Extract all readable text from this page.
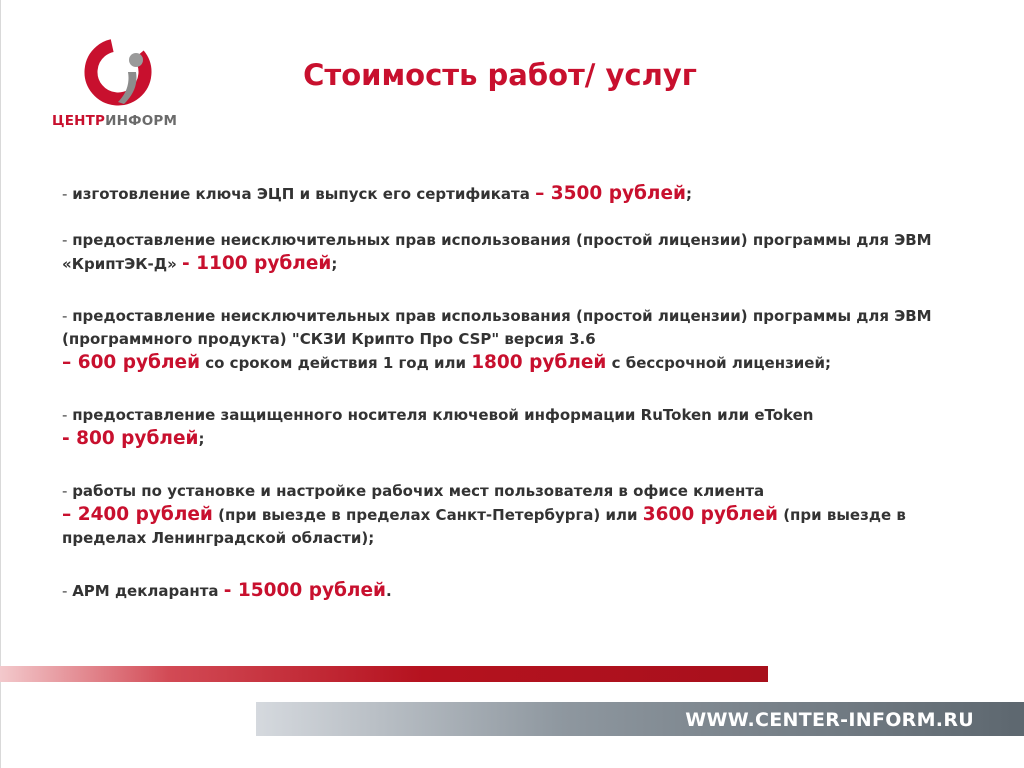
ЦЕНТРИНФОРМ
Стоимость работ/ услуг
- изготовление ключа ЭЦП и выпуск его сертификата – 3500 рублей;
- предоставление неисключительных прав использования (простой лицензии) программы для ЭВМ «КриптЭК-Д» - 1100 рублей;
- предоставление неисключительных прав использования (простой лицензии) программы для ЭВМ (программного продукта) "СКЗИ Крипто Про CSP" версия 3.6
– 600 рублей со сроком действия 1 год или 1800 рублей с бессрочной лицензией;
- предоставление защищенного носителя ключевой информации RuToken или eToken
- 800 рублей;
- работы по установке и настройке рабочих мест пользователя в офисе клиента
– 2400 рублей (при выезде в пределах Санкт-Петербурга) или 3600 рублей (при выезде в пределах Ленинградской области);
- АРМ декларанта - 15000 рублей.
WWW.CENTER-INFORM.RU
